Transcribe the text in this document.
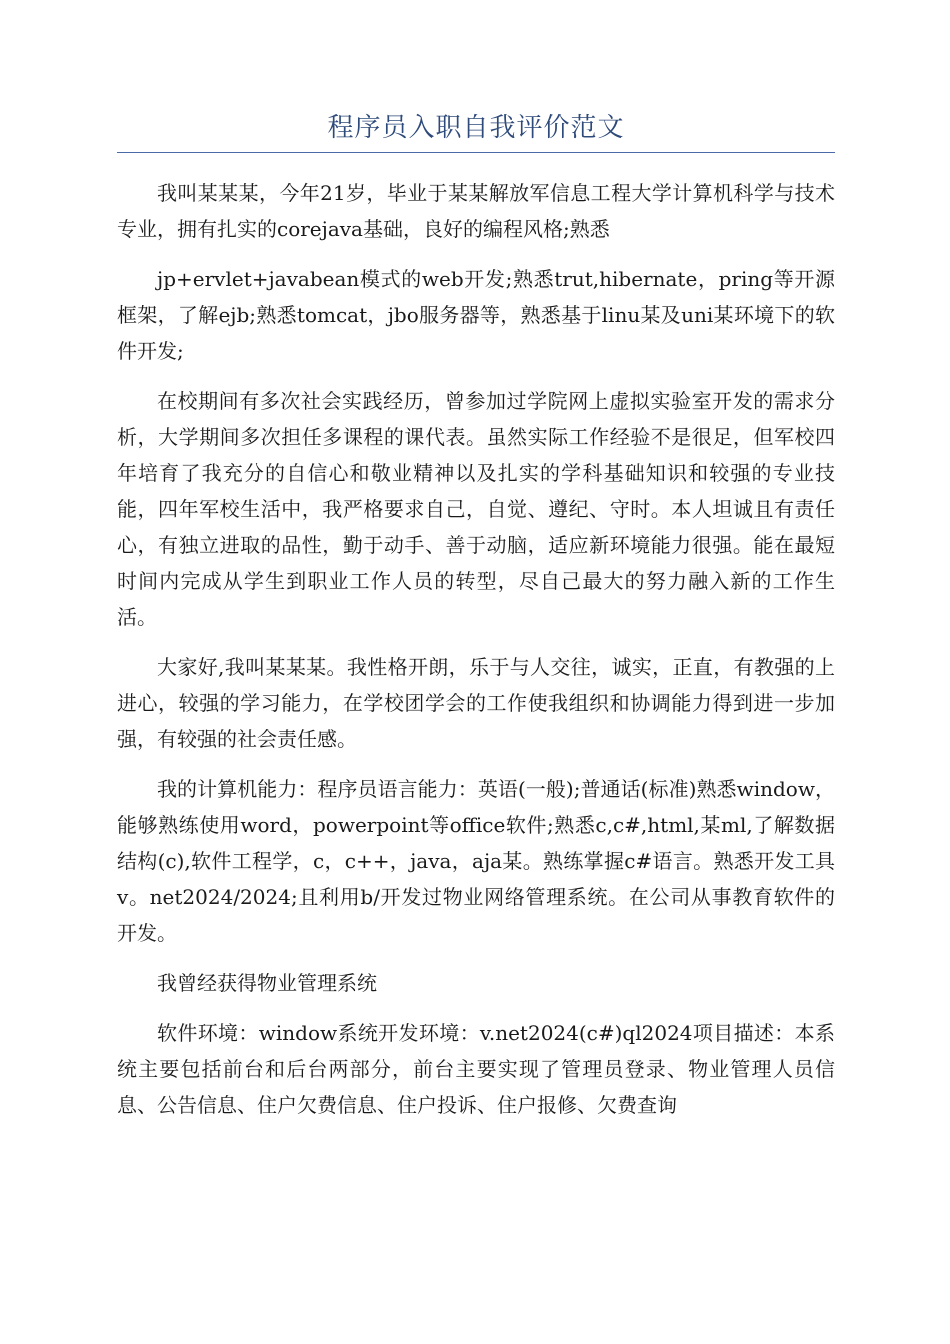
程序员入职自我评价范文

我叫某某某，今年21岁，毕业于某某解放军信息工程大学计算机科学与技术专业，拥有扎实的corejava基础，良好的编程风格;熟悉

jp+ervlet+javabean模式的web开发;熟悉trut,hibernate，pring等开源框架，了解ejb;熟悉tomcat，jbo服务器等，熟悉基于linu某及uni某环境下的软件开发;

在校期间有多次社会实践经历，曾参加过学院网上虚拟实验室开发的需求分析，大学期间多次担任多课程的课代表。虽然实际工作经验不是很足，但军校四年培育了我充分的自信心和敬业精神以及扎实的学科基础知识和较强的专业技能，四年军校生活中，我严格要求自己，自觉、遵纪、守时。本人坦诚且有责任心，有独立进取的品性，勤于动手、善于动脑，适应新环境能力很强。能在最短时间内完成从学生到职业工作人员的转型，尽自己最大的努力融入新的工作生活。

大家好,我叫某某某。我性格开朗，乐于与人交往，诚实，正直，有教强的上进心，较强的学习能力，在学校团学会的工作使我组织和协调能力得到进一步加强，有较强的社会责任感。

我的计算机能力：程序员语言能力：英语(一般);普通话(标准)熟悉window，能够熟练使用word，powerpoint等office软件;熟悉c,c#,html,某ml,了解数据结构(c),软件工程学，c，c++，java，aja某。熟练掌握c#语言。熟悉开发工具v。net2024/2024;且利用b/开发过物业网络管理系统。在公司从事教育软件的开发。

我曾经获得物业管理系统

软件环境：window系统开发环境：v.net2024(c#)ql2024项目描述：本系统主要包括前台和后台两部分，前台主要实现了管理员登录、物业管理人员信息、公告信息、住户欠费信息、住户投诉、住户报修、欠费查询
